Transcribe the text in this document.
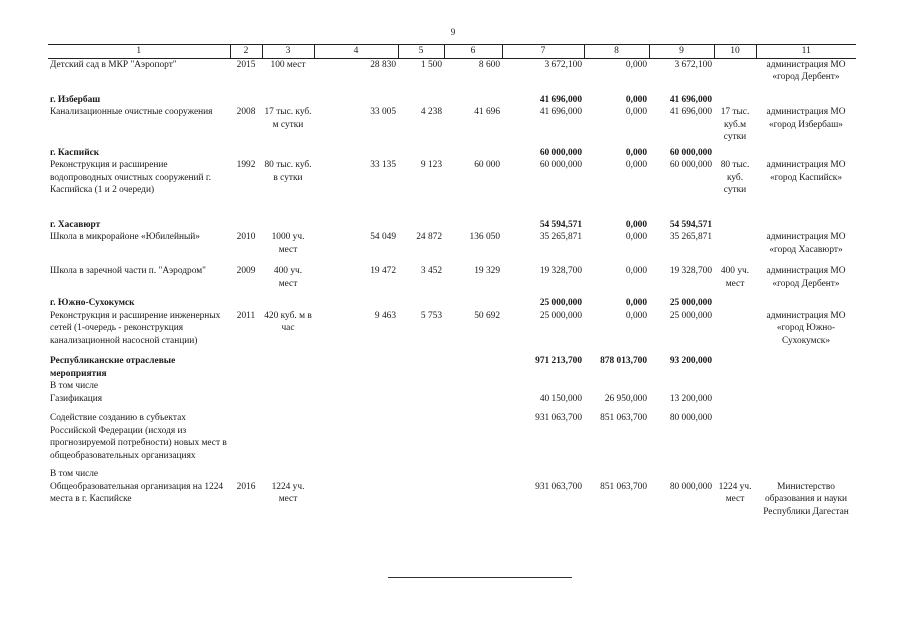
9
1	2	3	4	5	6	7	8	9	10	11
Детский сад в МКР "Аэропорт"	2015	100 мест	28 830	1 500	8 600	3 672,100	0,000	3 672,100		администрация МО «город Дербент»

г. Избербаш						41 696,000	0,000	41 696,000		
Канализационные очистные сооружения	2008	17 тыс. куб. м сутки	33 005	4 238	41 696	41 696,000	0,000	41 696,000	17 тыс. куб.м сутки	администрация МО «город Избербаш»

г. Каспийск						60 000,000	0,000	60 000,000		
Реконструкция и расширение водопроводных очистных сооружений г. Каспийска (1 и 2 очереди)	1992	80 тыс. куб. в сутки	33 135	9 123	60 000	60 000,000	0,000	60 000,000	80 тыс. куб. сутки	администрация МО «город Каспийск»

г. Хасавюрт						54 594,571	0,000	54 594,571		
Школа в микрорайоне «Юбилейный»	2010	1000 уч. мест	54 049	24 872	136 050	35 265,871	0,000	35 265,871		администрация МО «город Хасавюрт»

Школа в заречной части п. "Аэродром"	2009	400 уч. мест	19 472	3 452	19 329	19 328,700	0,000	19 328,700	400 уч. мест	администрация МО «город Дербент»

г. Южно-Сухокумск						25 000,000	0,000	25 000,000		
Реконструкция и расширение инженерных сетей (1-очередь - реконструкция канализационной насосной станции)	2011	420 куб. м в час	9 463	5 753	50 692	25 000,000	0,000	25 000,000		администрация МО «город Южно-Сухокумск»

Республиканские отраслевые мероприятия						971 213,700	878 013,700	93 200,000		
В том числе										
Газификация						40 150,000	26 950,000	13 200,000		

Содействие созданию в субъектах Российской Федерации (исходя из прогнозируемой потребности) новых мест в общеобразовательных организациях						931 063,700	851 063,700	80 000,000		

В том числе										
Общеобразовательная организация на 1224 места в г. Каспийске	2016	1224 уч. мест				931 063,700	851 063,700	80 000,000	1224 уч. мест	Министерство образования и науки Республики Дагестан
